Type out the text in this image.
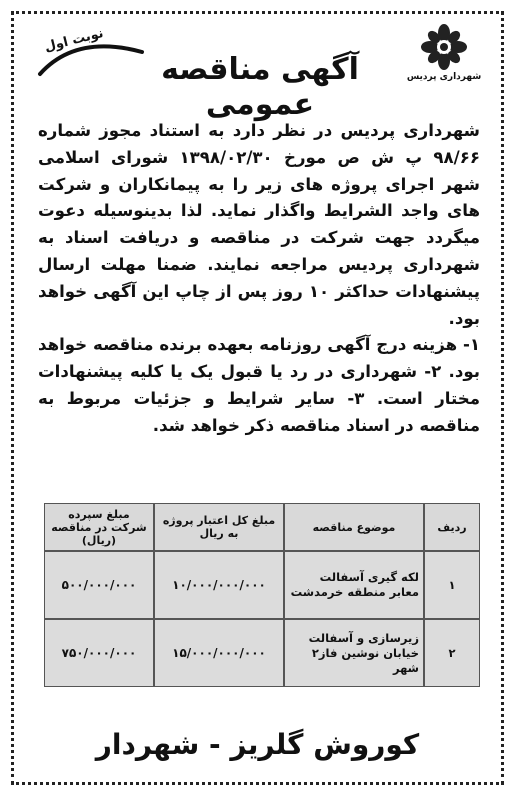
شهرداری پردیس
نوبت اول
آگهی مناقصه عمومی

شهرداری پردیس در نظر دارد به استناد مجوز شماره ۹۸/۶۶ پ ش ص مورخ ۱۳۹۸/۰۲/۳۰ شورای اسلامی شهر اجرای پروژه های زیر را به پیمانکاران و شرکت های واجد الشرایط واگذار نماید. لذا بدینوسیله دعوت میگردد جهت شرکت در مناقصه و دریافت اسناد به شهرداری پردیس مراجعه نمایند. ضمنا مهلت ارسال پیشنهادات حداکثر ۱۰ روز پس از چاپ این آگهی خواهد بود.

۱- هزینه درج آگهی روزنامه بعهده برنده مناقصه خواهد بود. ۲- شهرداری در رد یا قبول یک یا کلیه پیشنهادات مختار است. ۳- سایر شرایط و جزئیات مربوط به مناقصه در اسناد مناقصه ذکر خواهد شد.

ردیف	موضوع مناقصه	مبلغ کل اعتبار پروژه به ریال	مبلغ سپرده شرکت در مناقصه (ریال)
۱	لکه گیری آسفالت معابر منطقه خرمدشت	۱۰/۰۰۰/۰۰۰/۰۰۰	۵۰۰/۰۰۰/۰۰۰
۲	زیرسازی و آسفالت خیابان نوشین فاز۲ شهر	۱۵/۰۰۰/۰۰۰/۰۰۰	۷۵۰/۰۰۰/۰۰۰
کوروش گلریز - شهردار
